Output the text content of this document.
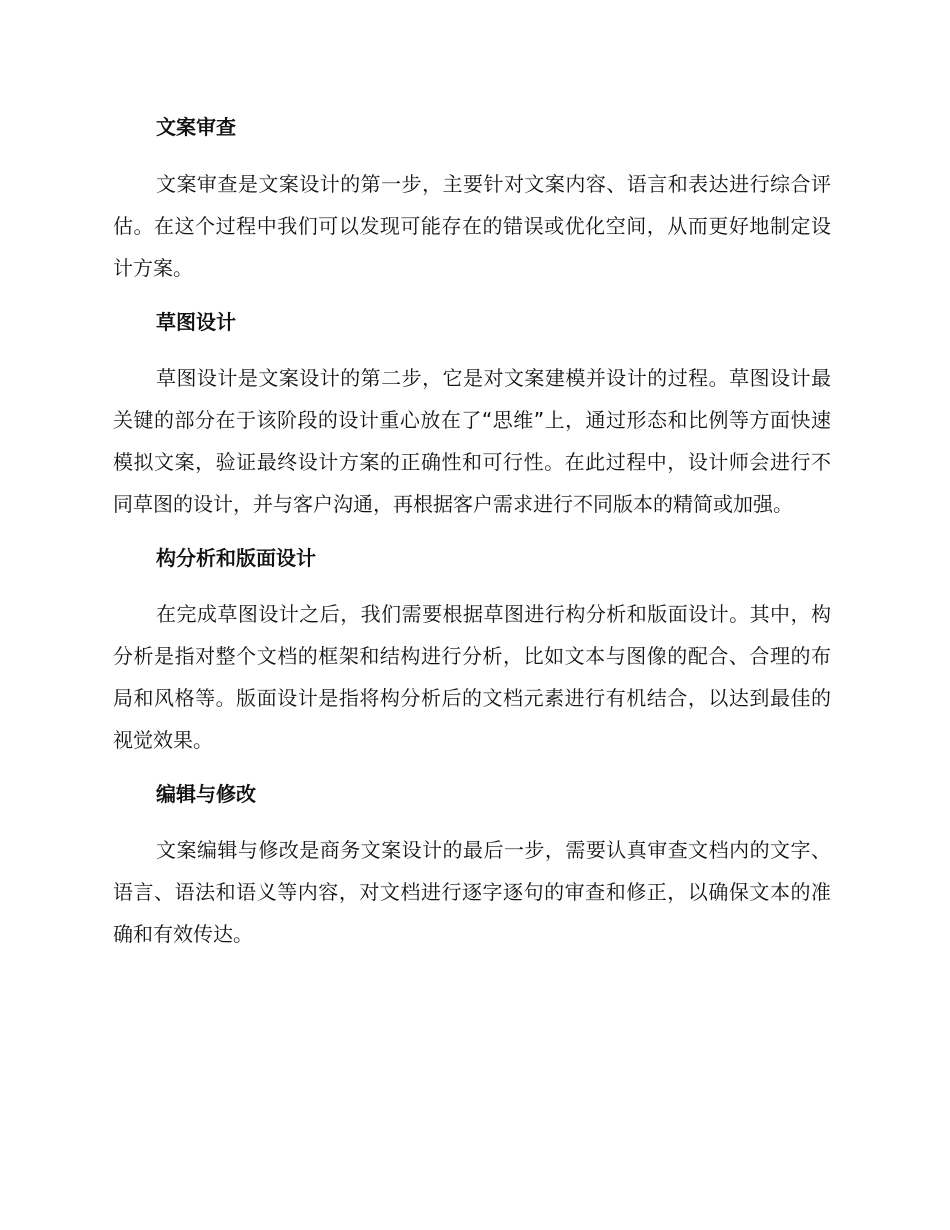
文案审查

文案审查是文案设计的第一步，主要针对文案内容、语言和表达进行综合评估。在这个过程中我们可以发现可能存在的错误或优化空间，从而更好地制定设计方案。

草图设计

草图设计是文案设计的第二步，它是对文案建模并设计的过程。草图设计最关键的部分在于该阶段的设计重心放在了“思维”上，通过形态和比例等方面快速模拟文案，验证最终设计方案的正确性和可行性。在此过程中，设计师会进行不同草图的设计，并与客户沟通，再根据客户需求进行不同版本的精简或加强。

构分析和版面设计

在完成草图设计之后，我们需要根据草图进行构分析和版面设计。其中，构分析是指对整个文档的框架和结构进行分析，比如文本与图像的配合、合理的布局和风格等。版面设计是指将构分析后的文档元素进行有机结合，以达到最佳的视觉效果。

编辑与修改

文案编辑与修改是商务文案设计的最后一步，需要认真审查文档内的文字、语言、语法和语义等内容，对文档进行逐字逐句的审查和修正，以确保文本的准确和有效传达。
